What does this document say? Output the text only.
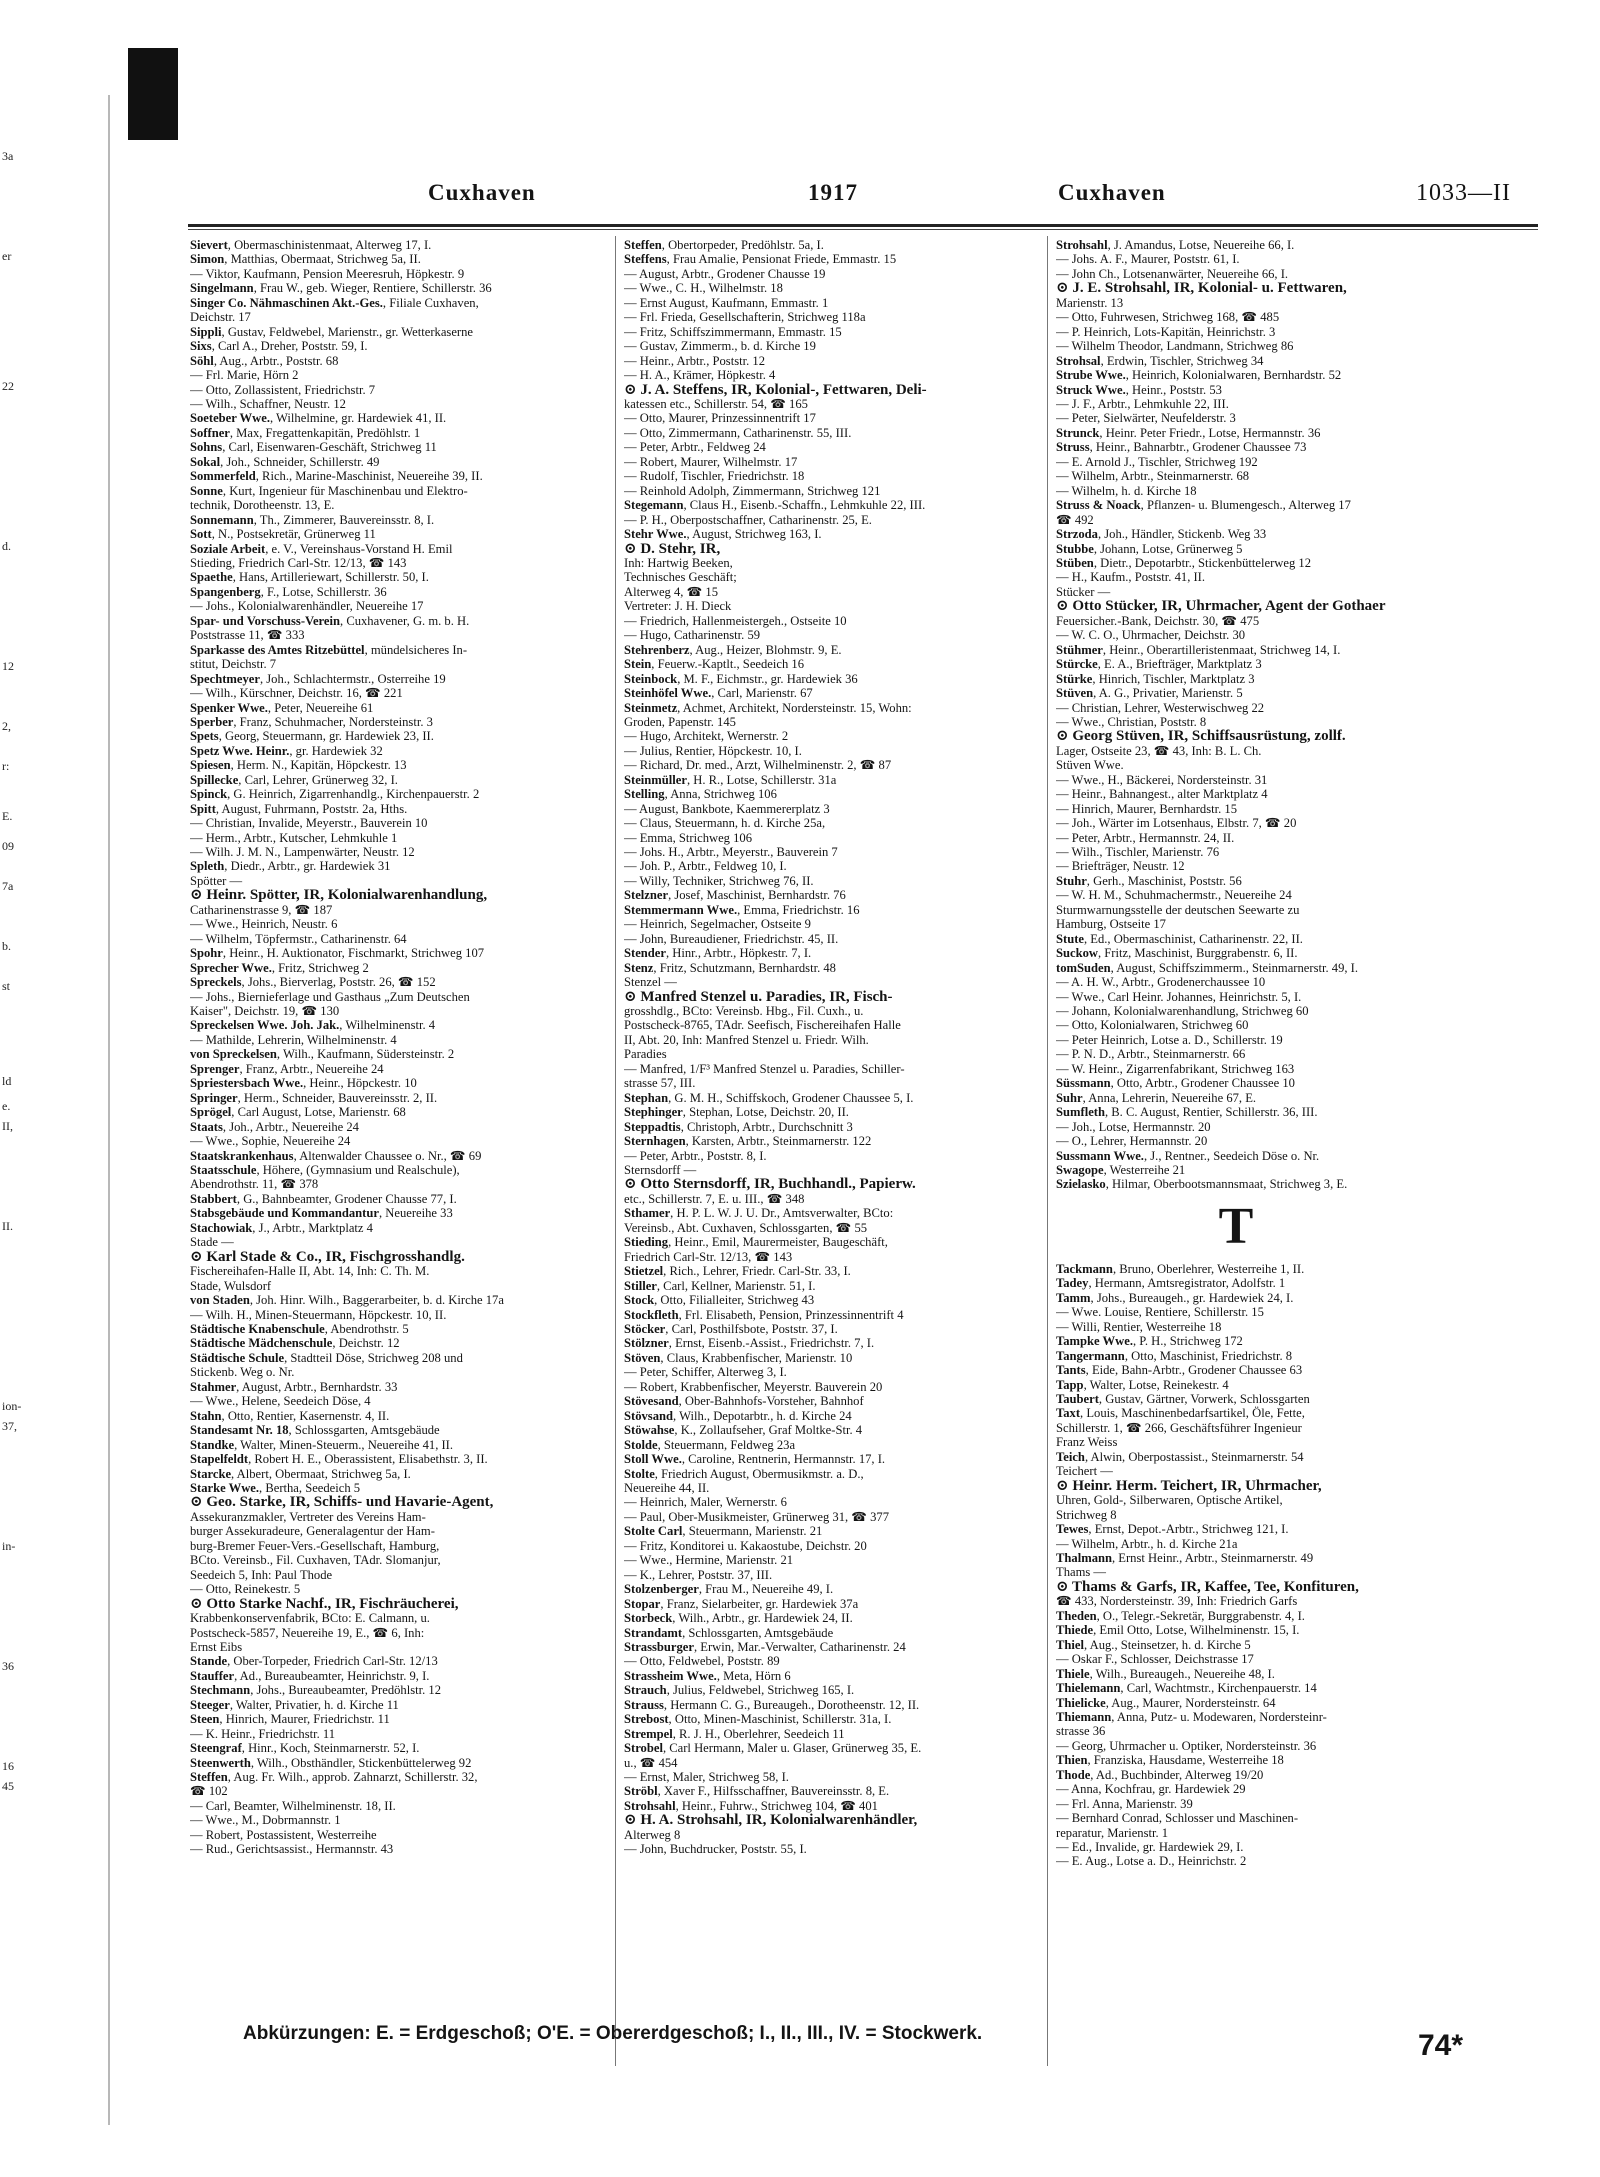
3a
er
22
d.
12
2,
r:
E.
09
7a
b.
st
ld
e.
II,
II.
ion-
37,
in-
36
16
45
Cuxhaven	1917	Cuxhaven	1033—II
Sievert, Obermaschinistenmaat, Alterweg 17, I.
Simon, Matthias, Obermaat, Strichweg 5a, II.
— Viktor, Kaufmann, Pension Meeresruh, Höpkestr. 9
Singelmann, Frau W., geb. Wieger, Rentiere, Schillerstr. 36
Singer Co. Nähmaschinen Akt.-Ges., Filiale Cuxhaven,
Deichstr. 17
Sippli, Gustav, Feldwebel, Marienstr., gr. Wetterkaserne
Sixs, Carl A., Dreher, Poststr. 59, I.
Söhl, Aug., Arbtr., Poststr. 68
— Frl. Marie, Hörn 2
— Otto, Zollassistent, Friedrichstr. 7
— Wilh., Schaffner, Neustr. 12
Soeteber Wwe., Wilhelmine, gr. Hardewiek 41, II.
Soffner, Max, Fregattenkapitän, Predöhlstr. 1
Sohns, Carl, Eisenwaren-Geschäft, Strichweg 11
Sokal, Joh., Schneider, Schillerstr. 49
Sommerfeld, Rich., Marine-Maschinist, Neuereihe 39, II.
Sonne, Kurt, Ingenieur für Maschinenbau und Elektro-
technik, Dorotheenstr. 13, E.
Sonnemann, Th., Zimmerer, Bauvereinsstr. 8, I.
Sott, N., Postsekretär, Grünerweg 11
Soziale Arbeit, e. V., Vereinshaus-Vorstand H. Emil
Stieding, Friedrich Carl-Str. 12/13, ☎ 143
Spaethe, Hans, Artilleriewart, Schillerstr. 50, I.
Spangenberg, F., Lotse, Schillerstr. 36
— Johs., Kolonialwarenhändler, Neuereihe 17
Spar- und Vorschuss-Verein, Cuxhavener, G. m. b. H.
Poststrasse 11, ☎ 333
Sparkasse des Amtes Ritzebüttel, mündelsicheres In-
stitut, Deichstr. 7
Spechtmeyer, Joh., Schlachtermstr., Osterreihe 19
— Wilh., Kürschner, Deichstr. 16, ☎ 221
Spenker Wwe., Peter, Neuereihe 61
Sperber, Franz, Schuhmacher, Nordersteinstr. 3
Spets, Georg, Steuermann, gr. Hardewiek 23, II.
Spetz Wwe. Heinr., gr. Hardewiek 32
Spiesen, Herm. N., Kapitän, Höpckestr. 13
Spillecke, Carl, Lehrer, Grünerweg 32, I.
Spinck, G. Heinrich, Zigarrenhandlg., Kirchenpauerstr. 2
Spitt, August, Fuhrmann, Poststr. 2a, Hths.
— Christian, Invalide, Meyerstr., Bauverein 10
— Herm., Arbtr., Kutscher, Lehmkuhle 1
— Wilh. J. M. N., Lampenwärter, Neustr. 12
Spleth, Diedr., Arbtr., gr. Hardewiek 31
Spötter —
⊙ Heinr. Spötter, IR, Kolonialwarenhandlung,
Catharinenstrasse 9, ☎ 187
— Wwe., Heinrich, Neustr. 6
— Wilhelm, Töpfermstr., Catharinenstr. 64
Spohr, Heinr., H. Auktionator, Fischmarkt, Strichweg 107
Sprecher Wwe., Fritz, Strichweg 2
Spreckels, Johs., Bierverlag, Poststr. 26, ☎ 152
— Johs., Biernieferlage und Gasthaus „Zum Deutschen
Kaiser", Deichstr. 19, ☎ 130
Spreckelsen Wwe. Joh. Jak., Wilhelminenstr. 4
— Mathilde, Lehrerin, Wilhelminenstr. 4
von Spreckelsen, Wilh., Kaufmann, Südersteinstr. 2
Sprenger, Franz, Arbtr., Neuereihe 24
Spriestersbach Wwe., Heinr., Höpckestr. 10
Springer, Herm., Schneider, Bauvereinsstr. 2, II.
Sprögel, Carl August, Lotse, Marienstr. 68
Staats, Joh., Arbtr., Neuereihe 24
— Wwe., Sophie, Neuereihe 24
Staatskrankenhaus, Altenwalder Chaussee o. Nr., ☎ 69
Staatsschule, Höhere, (Gymnasium und Realschule),
Abendrothstr. 11, ☎ 378
Stabbert, G., Bahnbeamter, Grodener Chausse 77, I.
Stabsgebäude und Kommandantur, Neuereihe 33
Stachowiak, J., Arbtr., Marktplatz 4
Stade —
⊙ Karl Stade & Co., IR, Fischgrosshandlg.
Fischereihafen-Halle II, Abt. 14, Inh: C. Th. M.
Stade, Wulsdorf
von Staden, Joh. Hinr. Wilh., Baggerarbeiter, b. d. Kirche 17a
— Wilh. H., Minen-Steuermann, Höpckestr. 10, II.
Städtische Knabenschule, Abendrothstr. 5
Städtische Mädchenschule, Deichstr. 12
Städtische Schule, Stadtteil Döse, Strichweg 208 und
Stickenb. Weg o. Nr.
Stahmer, August, Arbtr., Bernhardstr. 33
— Wwe., Helene, Seedeich Döse, 4
Stahn, Otto, Rentier, Kasernenstr. 4, II.
Standesamt Nr. 18, Schlossgarten, Amtsgebäude
Standke, Walter, Minen-Steuerm., Neuereihe 41, II.
Stapelfeldt, Robert H. E., Oberassistent, Elisabethstr. 3, II.
Starcke, Albert, Obermaat, Strichweg 5a, I.
Starke Wwe., Bertha, Seedeich 5
⊙ Geo. Starke, IR, Schiffs- und Havarie-Agent,
Assekuranzmakler, Vertreter des Vereins Ham-
burger Assekuradeure, Generalagentur der Ham-
burg-Bremer Feuer-Vers.-Gesellschaft, Hamburg,
BCto. Vereinsb., Fil. Cuxhaven, TAdr. Slomanjur,
Seedeich 5, Inh: Paul Thode
— Otto, Reinekestr. 5
⊙ Otto Starke Nachf., IR, Fischräucherei,
Krabbenkonservenfabrik, BCto: E. Calmann, u.
Postscheck-5857, Neuereihe 19, E., ☎ 6, Inh:
Ernst Eibs
Stande, Ober-Torpeder, Friedrich Carl-Str. 12/13
Stauffer, Ad., Bureaubeamter, Heinrichstr. 9, I.
Stechmann, Johs., Bureaubeamter, Predöhlstr. 12
Steeger, Walter, Privatier, h. d. Kirche 11
Steen, Hinrich, Maurer, Friedrichstr. 11
— K. Heinr., Friedrichstr. 11
Steengraf, Hinr., Koch, Steinmarnerstr. 52, I.
Steenwerth, Wilh., Obsthändler, Stickenbüttelerweg 92
Steffen, Aug. Fr. Wilh., approb. Zahnarzt, Schillerstr. 32,
☎ 102
— Carl, Beamter, Wilhelminenstr. 18, II.
— Wwe., M., Dobrmannstr. 1
— Robert, Postassistent, Westerreihe
— Rud., Gerichtsassist., Hermannstr. 43
Steffen, Obertorpeder, Predöhlstr. 5a, I.
Steffens, Frau Amalie, Pensionat Friede, Emmastr. 15
— August, Arbtr., Grodener Chausse 19
— Wwe., C. H., Wilhelmstr. 18
— Ernst August, Kaufmann, Emmastr. 1
— Frl. Frieda, Gesellschafterin, Strichweg 118a
— Fritz, Schiffszimmermann, Emmastr. 15
— Gustav, Zimmerm., b. d. Kirche 19
— Heinr., Arbtr., Poststr. 12
— H. A., Krämer, Höpkestr. 4
⊙ J. A. Steffens, IR, Kolonial-, Fettwaren, Deli-
katessen etc., Schillerstr. 54, ☎ 165
— Otto, Maurer, Prinzessinnentrift 17
— Otto, Zimmermann, Catharinenstr. 55, III.
— Peter, Arbtr., Feldweg 24
— Robert, Maurer, Wilhelmstr. 17
— Rudolf, Tischler, Friedrichstr. 18
— Reinhold Adolph, Zimmermann, Strichweg 121
Stegemann, Claus H., Eisenb.-Schaffn., Lehmkuhle 22, III.
— P. H., Oberpostschaffner, Catharinenstr. 25, E.
Stehr Wwe., August, Strichweg 163, I.
⊙ D. Stehr, IR,
Inh: Hartwig Beeken,
Technisches Geschäft;
Alterweg 4, ☎ 15
Vertreter: J. H. Dieck
— Friedrich, Hallenmeistergeh., Ostseite 10
— Hugo, Catharinenstr. 59
Stehrenberz, Aug., Heizer, Blohmstr. 9, E.
Stein, Feuerw.-Kaptlt., Seedeich 16
Steinbock, M. F., Eichmstr., gr. Hardewiek 36
Steinhöfel Wwe., Carl, Marienstr. 67
Steinmetz, Achmet, Architekt, Nordersteinstr. 15, Wohn:
Groden, Papenstr. 145
— Hugo, Architekt, Wernerstr. 2
— Julius, Rentier, Höpckestr. 10, I.
— Richard, Dr. med., Arzt, Wilhelminenstr. 2, ☎ 87
Steinmüller, H. R., Lotse, Schillerstr. 31a
Stelling, Anna, Strichweg 106
— August, Bankbote, Kaemmererplatz 3
— Claus, Steuermann, h. d. Kirche 25a,
— Emma, Strichweg 106
— Johs. H., Arbtr., Meyerstr., Bauverein 7
— Joh. P., Arbtr., Feldweg 10, I.
— Willy, Techniker, Strichweg 76, II.
Stelzner, Josef, Maschinist, Bernhardstr. 76
Stemmermann Wwe., Emma, Friedrichstr. 16
— Heinrich, Segelmacher, Ostseite 9
— John, Bureaudiener, Friedrichstr. 45, II.
Stender, Hinr., Arbtr., Höpkestr. 7, I.
Stenz, Fritz, Schutzmann, Bernhardstr. 48
Stenzel —
⊙ Manfred Stenzel u. Paradies, IR, Fisch-
grosshdlg., BCto: Vereinsb. Hbg., Fil. Cuxh., u.
Postscheck-8765, TAdr. Seefisch, Fischereihafen Halle
II, Abt. 20, Inh: Manfred Stenzel u. Friedr. Wilh.
Paradies
— Manfred, 1/F³ Manfred Stenzel u. Paradies, Schiller-
strasse 57, III.
Stephan, G. M. H., Schiffskoch, Grodener Chaussee 5, I.
Stephinger, Stephan, Lotse, Deichstr. 20, II.
Steppadtis, Christoph, Arbtr., Durchschnitt 3
Sternhagen, Karsten, Arbtr., Steinmarnerstr. 122
— Peter, Arbtr., Poststr. 8, I.
Sternsdorff —
⊙ Otto Sternsdorff, IR, Buchhandl., Papierw.
etc., Schillerstr. 7, E. u. III., ☎ 348
Sthamer, H. P. L. W. J. U. Dr., Amtsverwalter, BCto:
Vereinsb., Abt. Cuxhaven, Schlossgarten, ☎ 55
Stieding, Heinr., Emil, Maurermeister, Baugeschäft,
Friedrich Carl-Str. 12/13, ☎ 143
Stietzel, Rich., Lehrer, Friedr. Carl-Str. 33, I.
Stiller, Carl, Kellner, Marienstr. 51, I.
Stock, Otto, Filialleiter, Strichweg 43
Stockfleth, Frl. Elisabeth, Pension, Prinzessinnentrift 4
Stöcker, Carl, Posthilfsbote, Poststr. 37, I.
Stölzner, Ernst, Eisenb.-Assist., Friedrichstr. 7, I.
Stöven, Claus, Krabbenfischer, Marienstr. 10
— Peter, Schiffer, Alterweg 3, I.
— Robert, Krabbenfischer, Meyerstr. Bauverein 20
Stövesand, Ober-Bahnhofs-Vorsteher, Bahnhof
Stövsand, Wilh., Depotarbtr., h. d. Kirche 24
Stöwahse, K., Zollaufseher, Graf Moltke-Str. 4
Stolde, Steuermann, Feldweg 23a
Stoll Wwe., Caroline, Rentnerin, Hermannstr. 17, I.
Stolte, Friedrich August, Obermusikmstr. a. D.,
Neuereihe 44, II.
— Heinrich, Maler, Wernerstr. 6
— Paul, Ober-Musikmeister, Grünerweg 31, ☎ 377
Stolte Carl, Steuermann, Marienstr. 21
— Fritz, Konditorei u. Kakaostube, Deichstr. 20
— Wwe., Hermine, Marienstr. 21
— K., Lehrer, Poststr. 37, III.
Stolzenberger, Frau M., Neuereihe 49, I.
Stopar, Franz, Sielarbeiter, gr. Hardewiek 37a
Storbeck, Wilh., Arbtr., gr. Hardewiek 24, II.
Strandamt, Schlossgarten, Amtsgebäude
Strassburger, Erwin, Mar.-Verwalter, Catharinenstr. 24
— Otto, Feldwebel, Poststr. 89
Strassheim Wwe., Meta, Hörn 6
Strauch, Julius, Feldwebel, Strichweg 165, I.
Strauss, Hermann C. G., Bureaugeh., Dorotheenstr. 12, II.
Strebost, Otto, Minen-Maschinist, Schillerstr. 31a, I.
Strempel, R. J. H., Oberlehrer, Seedeich 11
Strobel, Carl Hermann, Maler u. Glaser, Grünerweg 35, E.
u., ☎ 454
— Ernst, Maler, Strichweg 58, I.
Ströbl, Xaver F., Hilfsschaffner, Bauvereinsstr. 8, E.
Strohsahl, Heinr., Fuhrw., Strichweg 104, ☎ 401
⊙ H. A. Strohsahl, IR, Kolonialwarenhändler,
Alterweg 8
— John, Buchdrucker, Poststr. 55, I.
Strohsahl, J. Amandus, Lotse, Neuereihe 66, I.
— Johs. A. F., Maurer, Poststr. 61, I.
— John Ch., Lotsenanwärter, Neuereihe 66, I.
⊙ J. E. Strohsahl, IR, Kolonial- u. Fettwaren,
Marienstr. 13
— Otto, Fuhrwesen, Strichweg 168, ☎ 485
— P. Heinrich, Lots-Kapitän, Heinrichstr. 3
— Wilhelm Theodor, Landmann, Strichweg 86
Strohsal, Erdwin, Tischler, Strichweg 34
Strube Wwe., Heinrich, Kolonialwaren, Bernhardstr. 52
Struck Wwe., Heinr., Poststr. 53
— J. F., Arbtr., Lehmkuhle 22, III.
— Peter, Sielwärter, Neufelderstr. 3
Strunck, Heinr. Peter Friedr., Lotse, Hermannstr. 36
Struss, Heinr., Bahnarbtr., Grodener Chaussee 73
— E. Arnold J., Tischler, Strichweg 192
— Wilhelm, Arbtr., Steinmarnerstr. 68
— Wilhelm, h. d. Kirche 18
Struss & Noack, Pflanzen- u. Blumengesch., Alterweg 17
☎ 492
Strzoda, Joh., Händler, Stickenb. Weg 33
Stubbe, Johann, Lotse, Grünerweg 5
Stüben, Dietr., Depotarbtr., Stickenbüttelerweg 12
— H., Kaufm., Poststr. 41, II.
Stücker —
⊙ Otto Stücker, IR, Uhrmacher, Agent der Gothaer
Feuersicher.-Bank, Deichstr. 30, ☎ 475
— W. C. O., Uhrmacher, Deichstr. 30
Stühmer, Heinr., Oberartilleristenmaat, Strichweg 14, I.
Stürcke, E. A., Briefträger, Marktplatz 3
Stürke, Hinrich, Tischler, Marktplatz 3
Stüven, A. G., Privatier, Marienstr. 5
— Christian, Lehrer, Westerwischweg 22
— Wwe., Christian, Poststr. 8
⊙ Georg Stüven, IR, Schiffsausrüstung, zollf.
Lager, Ostseite 23, ☎ 43, Inh: B. L. Ch.
Stüven Wwe.
— Wwe., H., Bäckerei, Nordersteinstr. 31
— Heinr., Bahnangest., alter Marktplatz 4
— Hinrich, Maurer, Bernhardstr. 15
— Joh., Wärter im Lotsenhaus, Elbstr. 7, ☎ 20
— Peter, Arbtr., Hermannstr. 24, II.
— Wilh., Tischler, Marienstr. 76
— Briefträger, Neustr. 12
Stuhr, Gerh., Maschinist, Poststr. 56
— W. H. M., Schuhmachermstr., Neuereihe 24
Sturmwarnungsstelle der deutschen Seewarte zu
Hamburg, Ostseite 17
Stute, Ed., Obermaschinist, Catharinenstr. 22, II.
Suckow, Fritz, Maschinist, Burggrabenstr. 6, II.
tomSuden, August, Schiffszimmerm., Steinmarnerstr. 49, I.
— A. H. W., Arbtr., Grodenerchaussee 10
— Wwe., Carl Heinr. Johannes, Heinrichstr. 5, I.
— Johann, Kolonialwarenhandlung, Strichweg 60
— Otto, Kolonialwaren, Strichweg 60
— Peter Heinrich, Lotse a. D., Schillerstr. 19
— P. N. D., Arbtr., Steinmarnerstr. 66
— W. Heinr., Zigarrenfabrikant, Strichweg 163
Süssmann, Otto, Arbtr., Grodener Chaussee 10
Suhr, Anna, Lehrerin, Neuereihe 67, E.
Sumfleth, B. C. August, Rentier, Schillerstr. 36, III.
— Joh., Lotse, Hermannstr. 20
— O., Lehrer, Hermannstr. 20
Sussmann Wwe., J., Rentner., Seedeich Döse o. Nr.
Swagope, Westerreihe 21
Szielasko, Hilmar, Oberbootsmannsmaat, Strichweg 3, E.
T
Tackmann, Bruno, Oberlehrer, Westerreihe 1, II.
Tadey, Hermann, Amtsregistrator, Adolfstr. 1
Tamm, Johs., Bureaugeh., gr. Hardewiek 24, I.
— Wwe. Louise, Rentiere, Schillerstr. 15
— Willi, Rentier, Westerreihe 18
Tampke Wwe., P. H., Strichweg 172
Tangermann, Otto, Maschinist, Friedrichstr. 8
Tants, Eide, Bahn-Arbtr., Grodener Chaussee 63
Tapp, Walter, Lotse, Reinekestr. 4
Taubert, Gustav, Gärtner, Vorwerk, Schlossgarten
Taxt, Louis, Maschinenbedarfsartikel, Öle, Fette,
Schillerstr. 1, ☎ 266, Geschäftsführer Ingenieur
Franz Weiss
Teich, Alwin, Oberpostassist., Steinmarnerstr. 54
Teichert —
⊙ Heinr. Herm. Teichert, IR, Uhrmacher,
Uhren, Gold-, Silberwaren, Optische Artikel,
Strichweg 8
Tewes, Ernst, Depot.-Arbtr., Strichweg 121, I.
— Wilhelm, Arbtr., h. d. Kirche 21a
Thalmann, Ernst Heinr., Arbtr., Steinmarnerstr. 49
Thams —
⊙ Thams & Garfs, IR, Kaffee, Tee, Konfituren,
☎ 433, Nordersteinstr. 39, Inh: Friedrich Garfs
Theden, O., Telegr.-Sekretär, Burggrabenstr. 4, I.
Thiede, Emil Otto, Lotse, Wilhelminenstr. 15, I.
Thiel, Aug., Steinsetzer, h. d. Kirche 5
— Oskar F., Schlosser, Deichstrasse 17
Thiele, Wilh., Bureaugeh., Neuereihe 48, I.
Thielemann, Carl, Wachtmstr., Kirchenpauerstr. 14
Thielicke, Aug., Maurer, Nordersteinstr. 64
Thiemann, Anna, Putz- u. Modewaren, Nordersteinr-
strasse 36
— Georg, Uhrmacher u. Optiker, Nordersteinstr. 36
Thien, Franziska, Hausdame, Westerreihe 18
Thode, Ad., Buchbinder, Alterweg 19/20
— Anna, Kochfrau, gr. Hardewiek 29
— Frl. Anna, Marienstr. 39
— Bernhard Conrad, Schlosser und Maschinen-
reparatur, Marienstr. 1
— Ed., Invalide, gr. Hardewiek 29, I.
— E. Aug., Lotse a. D., Heinrichstr. 2
Abkürzungen: E. = Erdgeschoß; O'E. = Obererdgeschoß; I., II., III., IV. = Stockwerk.	74*
